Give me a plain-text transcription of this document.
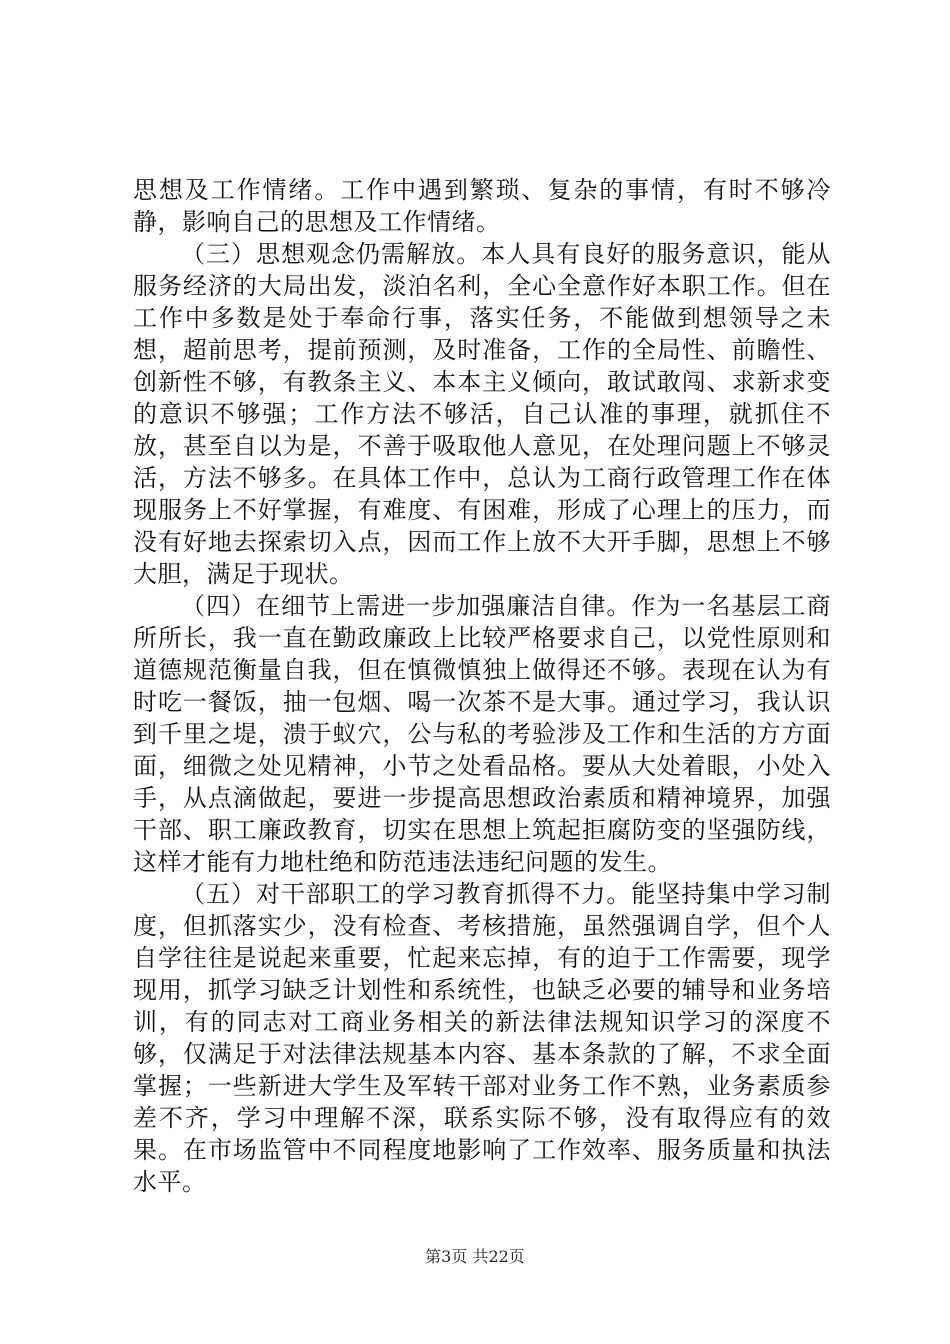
思想及工作情绪。工作中遇到繁琐、复杂的事情，有时不够冷静，影响自己的思想及工作情绪。

（三）思想观念仍需解放。本人具有良好的服务意识，能从服务经济的大局出发，淡泊名利，全心全意作好本职工作。但在工作中多数是处于奉命行事，落实任务，不能做到想领导之未想，超前思考，提前预测，及时准备，工作的全局性、前瞻性、创新性不够，有教条主义、本本主义倾向，敢试敢闯、求新求变的意识不够强；工作方法不够活，自己认准的事理，就抓住不放，甚至自以为是，不善于吸取他人意见，在处理问题上不够灵活，方法不够多。在具体工作中，总认为工商行政管理工作在体现服务上不好掌握，有难度、有困难，形成了心理上的压力，而没有好地去探索切入点，因而工作上放不大开手脚，思想上不够大胆，满足于现状。

（四）在细节上需进一步加强廉洁自律。作为一名基层工商所所长，我一直在勤政廉政上比较严格要求自己，以党性原则和道德规范衡量自我，但在慎微慎独上做得还不够。表现在认为有时吃一餐饭，抽一包烟、喝一次茶不是大事。通过学习，我认识到千里之堤，溃于蚁穴，公与私的考验涉及工作和生活的方方面面，细微之处见精神，小节之处看品格。要从大处着眼，小处入手，从点滴做起，要进一步提高思想政治素质和精神境界，加强干部、职工廉政教育，切实在思想上筑起拒腐防变的坚强防线，这样才能有力地杜绝和防范违法违纪问题的发生。

（五）对干部职工的学习教育抓得不力。能坚持集中学习制度，但抓落实少，没有检查、考核措施，虽然强调自学，但个人自学往往是说起来重要，忙起来忘掉，有的迫于工作需要，现学现用，抓学习缺乏计划性和系统性，也缺乏必要的辅导和业务培训，有的同志对工商业务相关的新法律法规知识学习的深度不够，仅满足于对法律法规基本内容、基本条款的了解，不求全面掌握；一些新进大学生及军转干部对业务工作不熟，业务素质参差不齐，学习中理解不深，联系实际不够，没有取得应有的效果。在市场监管中不同程度地影响了工作效率、服务质量和执法水平。

第3页 共22页
